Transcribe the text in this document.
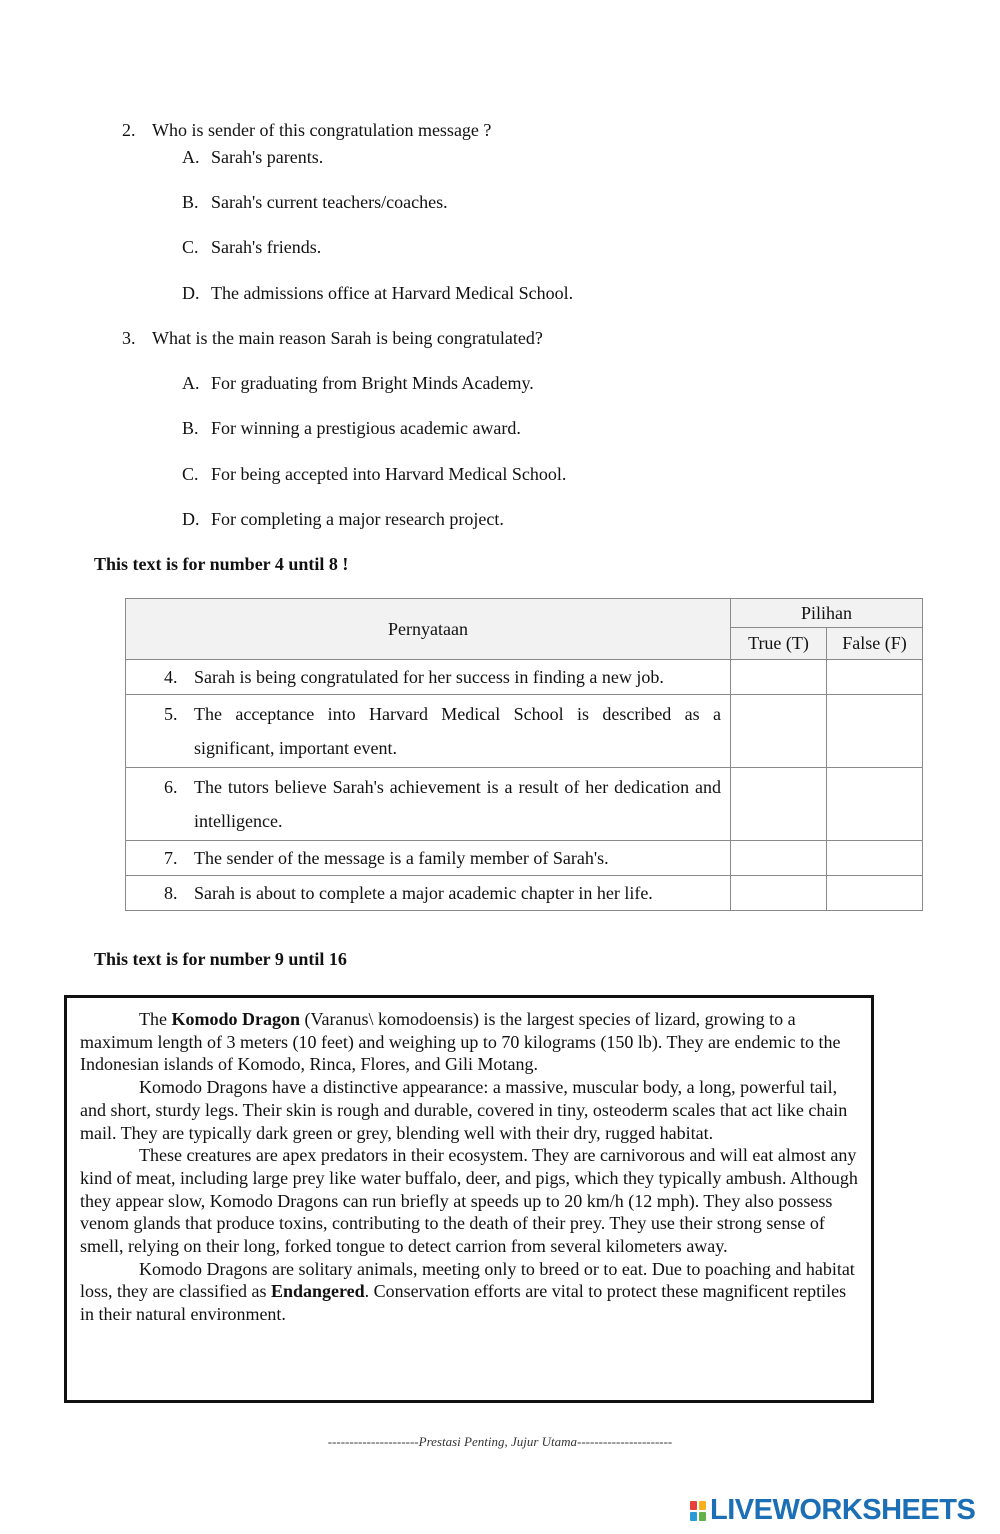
2. Who is sender of this congratulation message ?
A. Sarah's parents.
B. Sarah's current teachers/coaches.
C. Sarah's friends.
D. The admissions office at Harvard Medical School.
3. What is the main reason Sarah is being congratulated?
A. For graduating from Bright Minds Academy.
B. For winning a prestigious academic award.
C. For being accepted into Harvard Medical School.
D. For completing a major research project.
This text is for number 4 until 8 !
Pernyataan	Pilihan	
	True (T)	False (F)

4. Sarah is being congratulated for her success in finding a new job.		

5. The acceptance into Harvard Medical School is described as a significant, important event.		

6. The tutors believe Sarah's achievement is a result of her dedication and intelligence.		

7. The sender of the message is a family member of Sarah's.		

8. Sarah is about to complete a major academic chapter in her life.		

This text is for number 9 until 16

The Komodo Dragon (Varanus\ komodoensis) is the largest species of lizard, growing to a maximum length of 3 meters (10 feet) and weighing up to 70 kilograms (150 lb). They are endemic to the Indonesian islands of Komodo, Rinca, Flores, and Gili Motang.

Komodo Dragons have a distinctive appearance: a massive, muscular body, a long, powerful tail, and short, sturdy legs. Their skin is rough and durable, covered in tiny, osteoderm scales that act like chain mail. They are typically dark green or grey, blending well with their dry, rugged habitat.

These creatures are apex predators in their ecosystem. They are carnivorous and will eat almost any kind of meat, including large prey like water buffalo, deer, and pigs, which they typically ambush. Although they appear slow, Komodo Dragons can run briefly at speeds up to 20 km/h (12 mph). They also possess venom glands that produce toxins, contributing to the death of their prey. They use their strong sense of smell, relying on their long, forked tongue to detect carrion from several kilometers away.

Komodo Dragons are solitary animals, meeting only to breed or to eat. Due to poaching and habitat loss, they are classified as Endangered. Conservation efforts are vital to protect these magnificent reptiles in their natural environment.

---------------------Prestasi Penting, Jujur Utama----------------------
LIVEWORKSHEETS
